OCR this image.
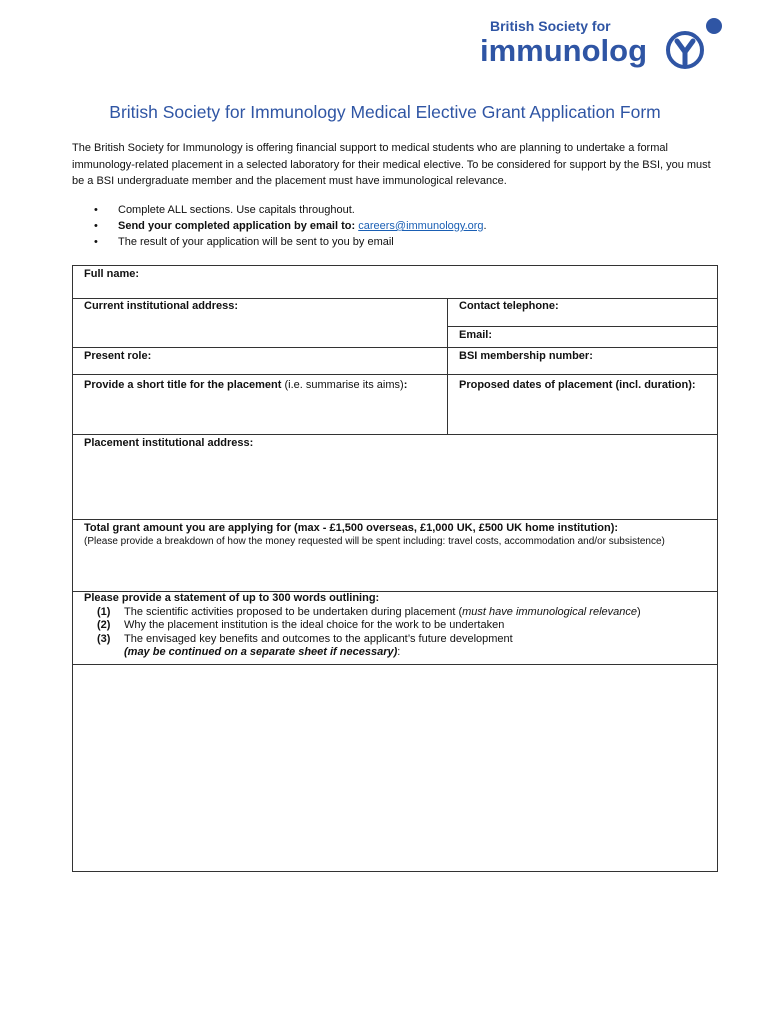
British Society for
immunolog
British Society for Immunology Medical Elective Grant Application Form

The British Society for Immunology is offering financial support to medical students who are planning to undertake a formal immunology-related placement in a selected laboratory for their medical elective. To be considered for support by the BSI, you must be a BSI undergraduate member and the placement must have immunological relevance.

• Complete ALL sections. Use capitals throughout.
• Send your completed application by email to: careers@immunology.org.
• The result of your application will be sent to you by email
Full name:
Current institutional address:	Contact telephone:
Email:
Present role:	BSI membership number:
Provide a short title for the placement (i.e. summarise its aims):	Proposed dates of placement (incl. duration):
Placement institutional address:
Total grant amount you are applying for (max - £1,500 overseas, £1,000 UK, £500 UK home institution):
(Please provide a breakdown of how the money requested will be spent including: travel costs, accommodation and/or subsistence)
Please provide a statement of up to 300 words outlining:
(1) The scientific activities proposed to be undertaken during placement (must have immunological relevance)
(2) Why the placement institution is the ideal choice for the work to be undertaken
(3) The envisaged key benefits and outcomes to the applicant’s future development
(may be continued on a separate sheet if necessary):
